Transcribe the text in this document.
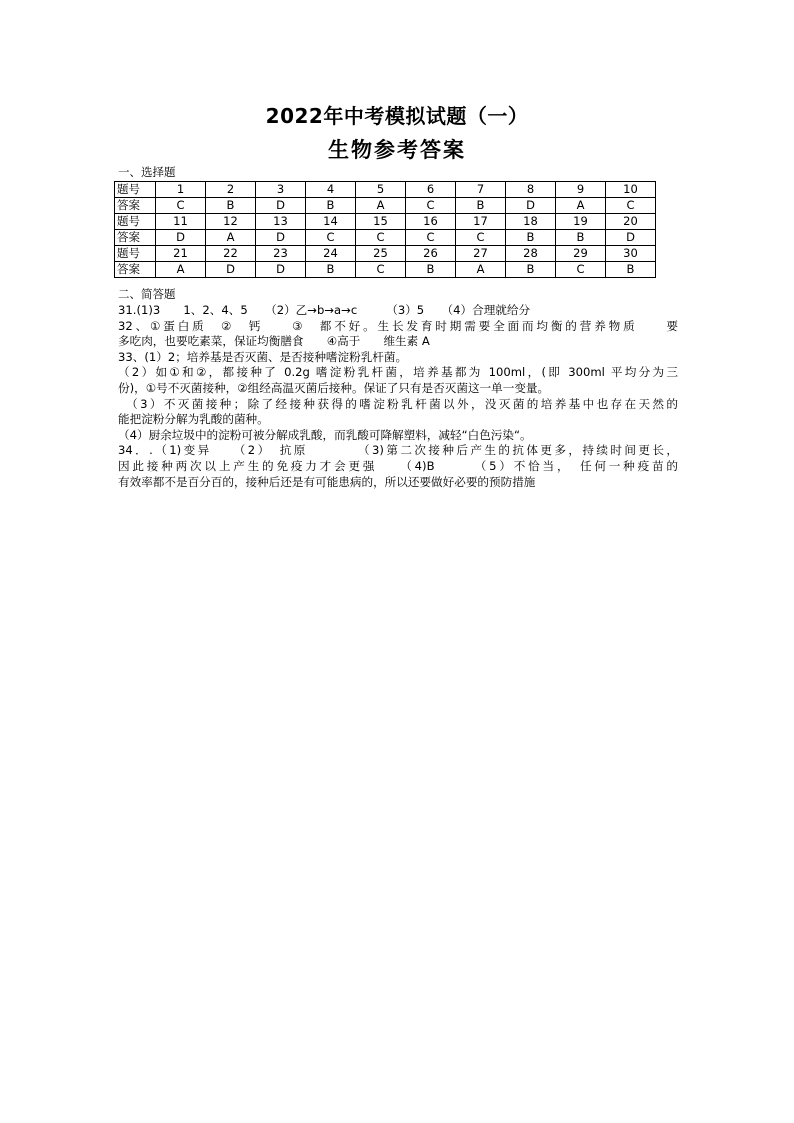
2022年中考模拟试题（一）
生物参考答案
一、选择题
题号	1	2	3	4	5	6	7	8	9	10
答案	C	B	D	B	A	C	B	D	A	C
题号	11	12	13	14	15	16	17	18	19	20
答案	D	A	D	C	C	C	C	B	B	D
题号	21	22	23	24	25	26	27	28	29	30
答案	A	D	D	B	C	B	A	B	C	B
二、简答题
31.(1)3　　1、2、4、5　　（2）乙→b→a→c　　　（3）5　　（4）合理就给分
32、①蛋白质　②　钙　　③　都不好。生长发育时期需要全面而均衡的营养物质　　要
多吃肉，也要吃素菜，保证均衡膳食　　④高于　　维生素 A
33、(1）2；培养基是否灭菌、是否接种嗜淀粉乳杆菌。
（2）如①和②，都接种了 0.2g 嗜淀粉乳杆菌，培养基都为 100ml，(即 300ml 平均分为三
份)，①号不灭菌接种，②组经高温灭菌后接种。保证了只有是否灭菌这一单一变量。
　（3）不灭菌接种；除了经接种获得的嗜淀粉乳杆菌以外，没灭菌的培养基中也存在天然的
能把淀粉分解为乳酸的菌种。
（4）厨余垃圾中的淀粉可被分解成乳酸，而乳酸可降解塑料，减轻“白色污染“。
34．.（1)变异　　（2）　抗原　　　　（3)第二次接种后产生的抗体更多，持续时间更长，
因此接种两次以上产生的免疫力才会更强　　（4)B　　　（5）不恰当，　任何一种疫苗的
有效率都不是百分百的，接种后还是有可能患病的，所以还要做好必要的预防措施
